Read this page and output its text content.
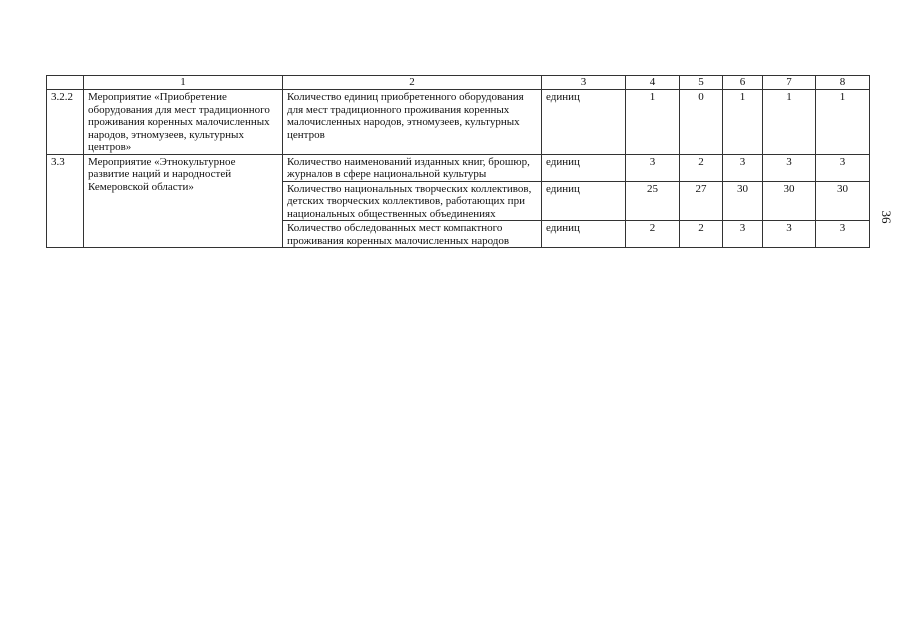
	1	2	3	4	5	6	7	8
3.2.2	Мероприятие «Приобретение оборудования для мест традиционного проживания коренных малочисленных народов, этномузеев, культурных центров»	Количество единиц приобретенного оборудования для мест традиционного проживания коренных малочисленных народов, этномузеев, культурных центров	единиц	1	0	1	1	1
3.3	Мероприятие «Этнокультурное развитие наций и народностей Кемеровской области»	Количество наименований изданных книг, брошюр, журналов в сфере национальной культуры	единиц	3	2	3	3	3
		Количество национальных творческих коллективов, детских творческих коллективов, работающих при национальных общественных объединениях	единиц	25	27	30	30	30
		Количество обследованных мест компактного проживания коренных малочисленных народов	единиц	2	2	3	3	3
36
